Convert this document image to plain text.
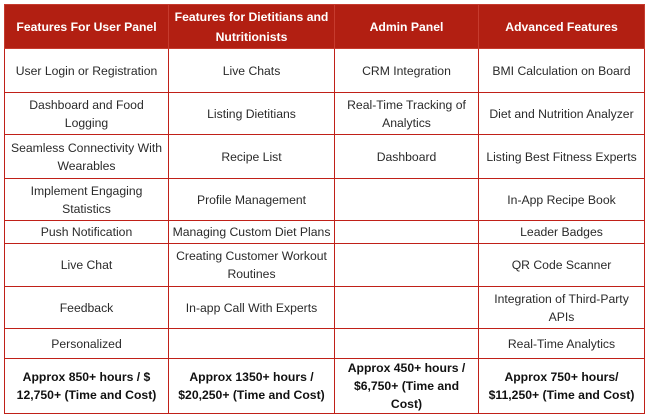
Features For User Panel	Features for Dietitians and Nutritionists	Admin Panel	Advanced Features
User Login or Registration	Live Chats	CRM Integration	BMI Calculation on Board
Dashboard and Food Logging	Listing Dietitians	Real-Time Tracking of Analytics	Diet and Nutrition Analyzer
Seamless Connectivity With Wearables	Recipe List	Dashboard	Listing Best Fitness Experts
Implement Engaging Statistics	Profile Management		In-App Recipe Book
Push Notification	Managing Custom Diet Plans		Leader Badges
Live Chat	Creating Customer Workout Routines		QR Code Scanner
Feedback	In-app Call With Experts		Integration of Third-Party APIs
Personalized			Real-Time Analytics
Approx 850+ hours / $ 12,750+ (Time and Cost)	Approx 1350+ hours / $20,250+ (Time and Cost)	Approx 450+ hours / $6,750+ (Time and Cost)	Approx 750+ hours/ $11,250+ (Time and Cost)
